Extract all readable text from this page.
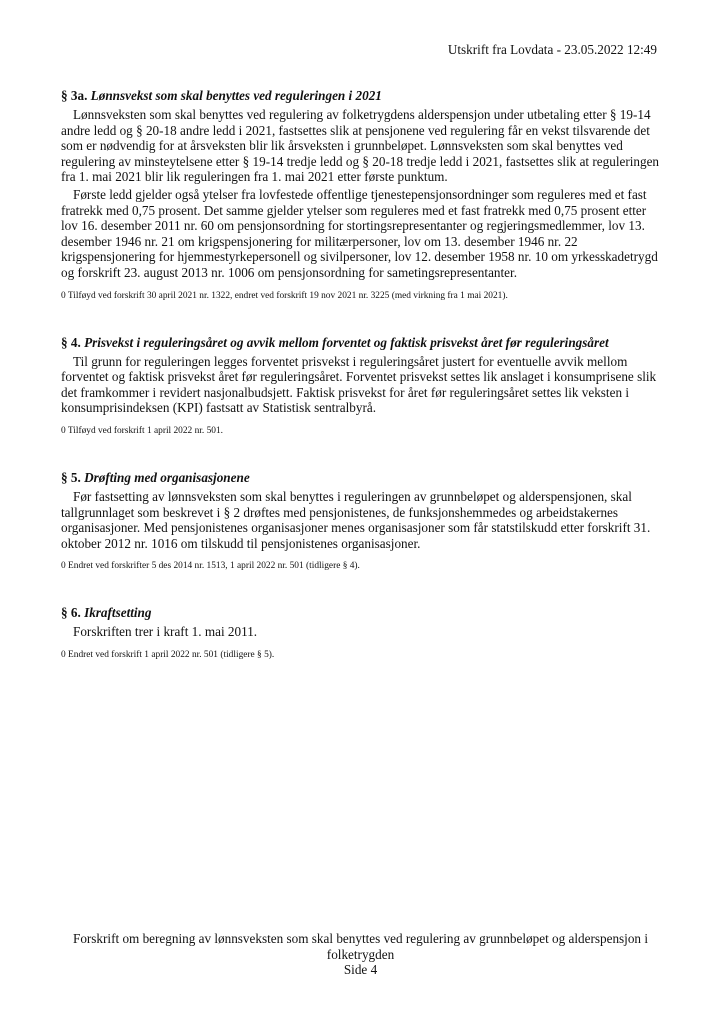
Utskrift fra Lovdata - 23.05.2022 12:49
§ 3a. Lønnsvekst som skal benyttes ved reguleringen i 2021

Lønnsveksten som skal benyttes ved regulering av folketrygdens alderspensjon under utbetaling etter § 19-14 andre ledd og § 20-18 andre ledd i 2021, fastsettes slik at pensjonene ved regulering får en vekst tilsvarende det som er nødvendig for at årsveksten blir lik årsveksten i grunnbeløpet. Lønnsveksten som skal benyttes ved regulering av minsteytelsene etter § 19-14 tredje ledd og § 20-18 tredje ledd i 2021, fastsettes slik at reguleringen fra 1. mai 2021 blir lik reguleringen fra 1. mai 2021 etter første punktum.

Første ledd gjelder også ytelser fra lovfestede offentlige tjenestepensjonsordninger som reguleres med et fast fratrekk med 0,75 prosent. Det samme gjelder ytelser som reguleres med et fast fratrekk med 0,75 prosent etter lov 16. desember 2011 nr. 60 om pensjonsordning for stortingsrepresentanter og regjeringsmedlemmer, lov 13. desember 1946 nr. 21 om krigspensjonering for militærpersoner, lov om 13. desember 1946 nr. 22 krigspensjonering for hjemmestyrkepersonell og sivilpersoner, lov 12. desember 1958 nr. 10 om yrkesskadetrygd og forskrift 23. august 2013 nr. 1006 om pensjonsordning for sametingsrepresentanter.

0 Tilføyd ved forskrift 30 april 2021 nr. 1322, endret ved forskrift 19 nov 2021 nr. 3225 (med virkning fra 1 mai 2021).
§ 4. Prisvekst i reguleringsåret og avvik mellom forventet og faktisk prisvekst året før reguleringsåret

Til grunn for reguleringen legges forventet prisvekst i reguleringsåret justert for eventuelle avvik mellom forventet og faktisk prisvekst året før reguleringsåret. Forventet prisvekst settes lik anslaget i konsumprisene slik det framkommer i revidert nasjonalbudsjett. Faktisk prisvekst for året før reguleringsåret settes lik veksten i konsumprisindeksen (KPI) fastsatt av Statistisk sentralbyrå.

0 Tilføyd ved forskrift 1 april 2022 nr. 501.
§ 5. Drøfting med organisasjonene

Før fastsetting av lønnsveksten som skal benyttes i reguleringen av grunnbeløpet og alderspensjonen, skal tallgrunnlaget som beskrevet i § 2 drøftes med pensjonistenes, de funksjonshemmedes og arbeidstakernes organisasjoner. Med pensjonistenes organisasjoner menes organisasjoner som får statstilskudd etter forskrift 31. oktober 2012 nr. 1016 om tilskudd til pensjonistenes organisasjoner.

0 Endret ved forskrifter 5 des 2014 nr. 1513, 1 april 2022 nr. 501 (tidligere § 4).
§ 6. Ikraftsetting

Forskriften trer i kraft 1. mai 2011.

0 Endret ved forskrift 1 april 2022 nr. 501 (tidligere § 5).
Forskrift om beregning av lønnsveksten som skal benyttes ved regulering av grunnbeløpet og alderspensjon i
folketrygden
Side 4
